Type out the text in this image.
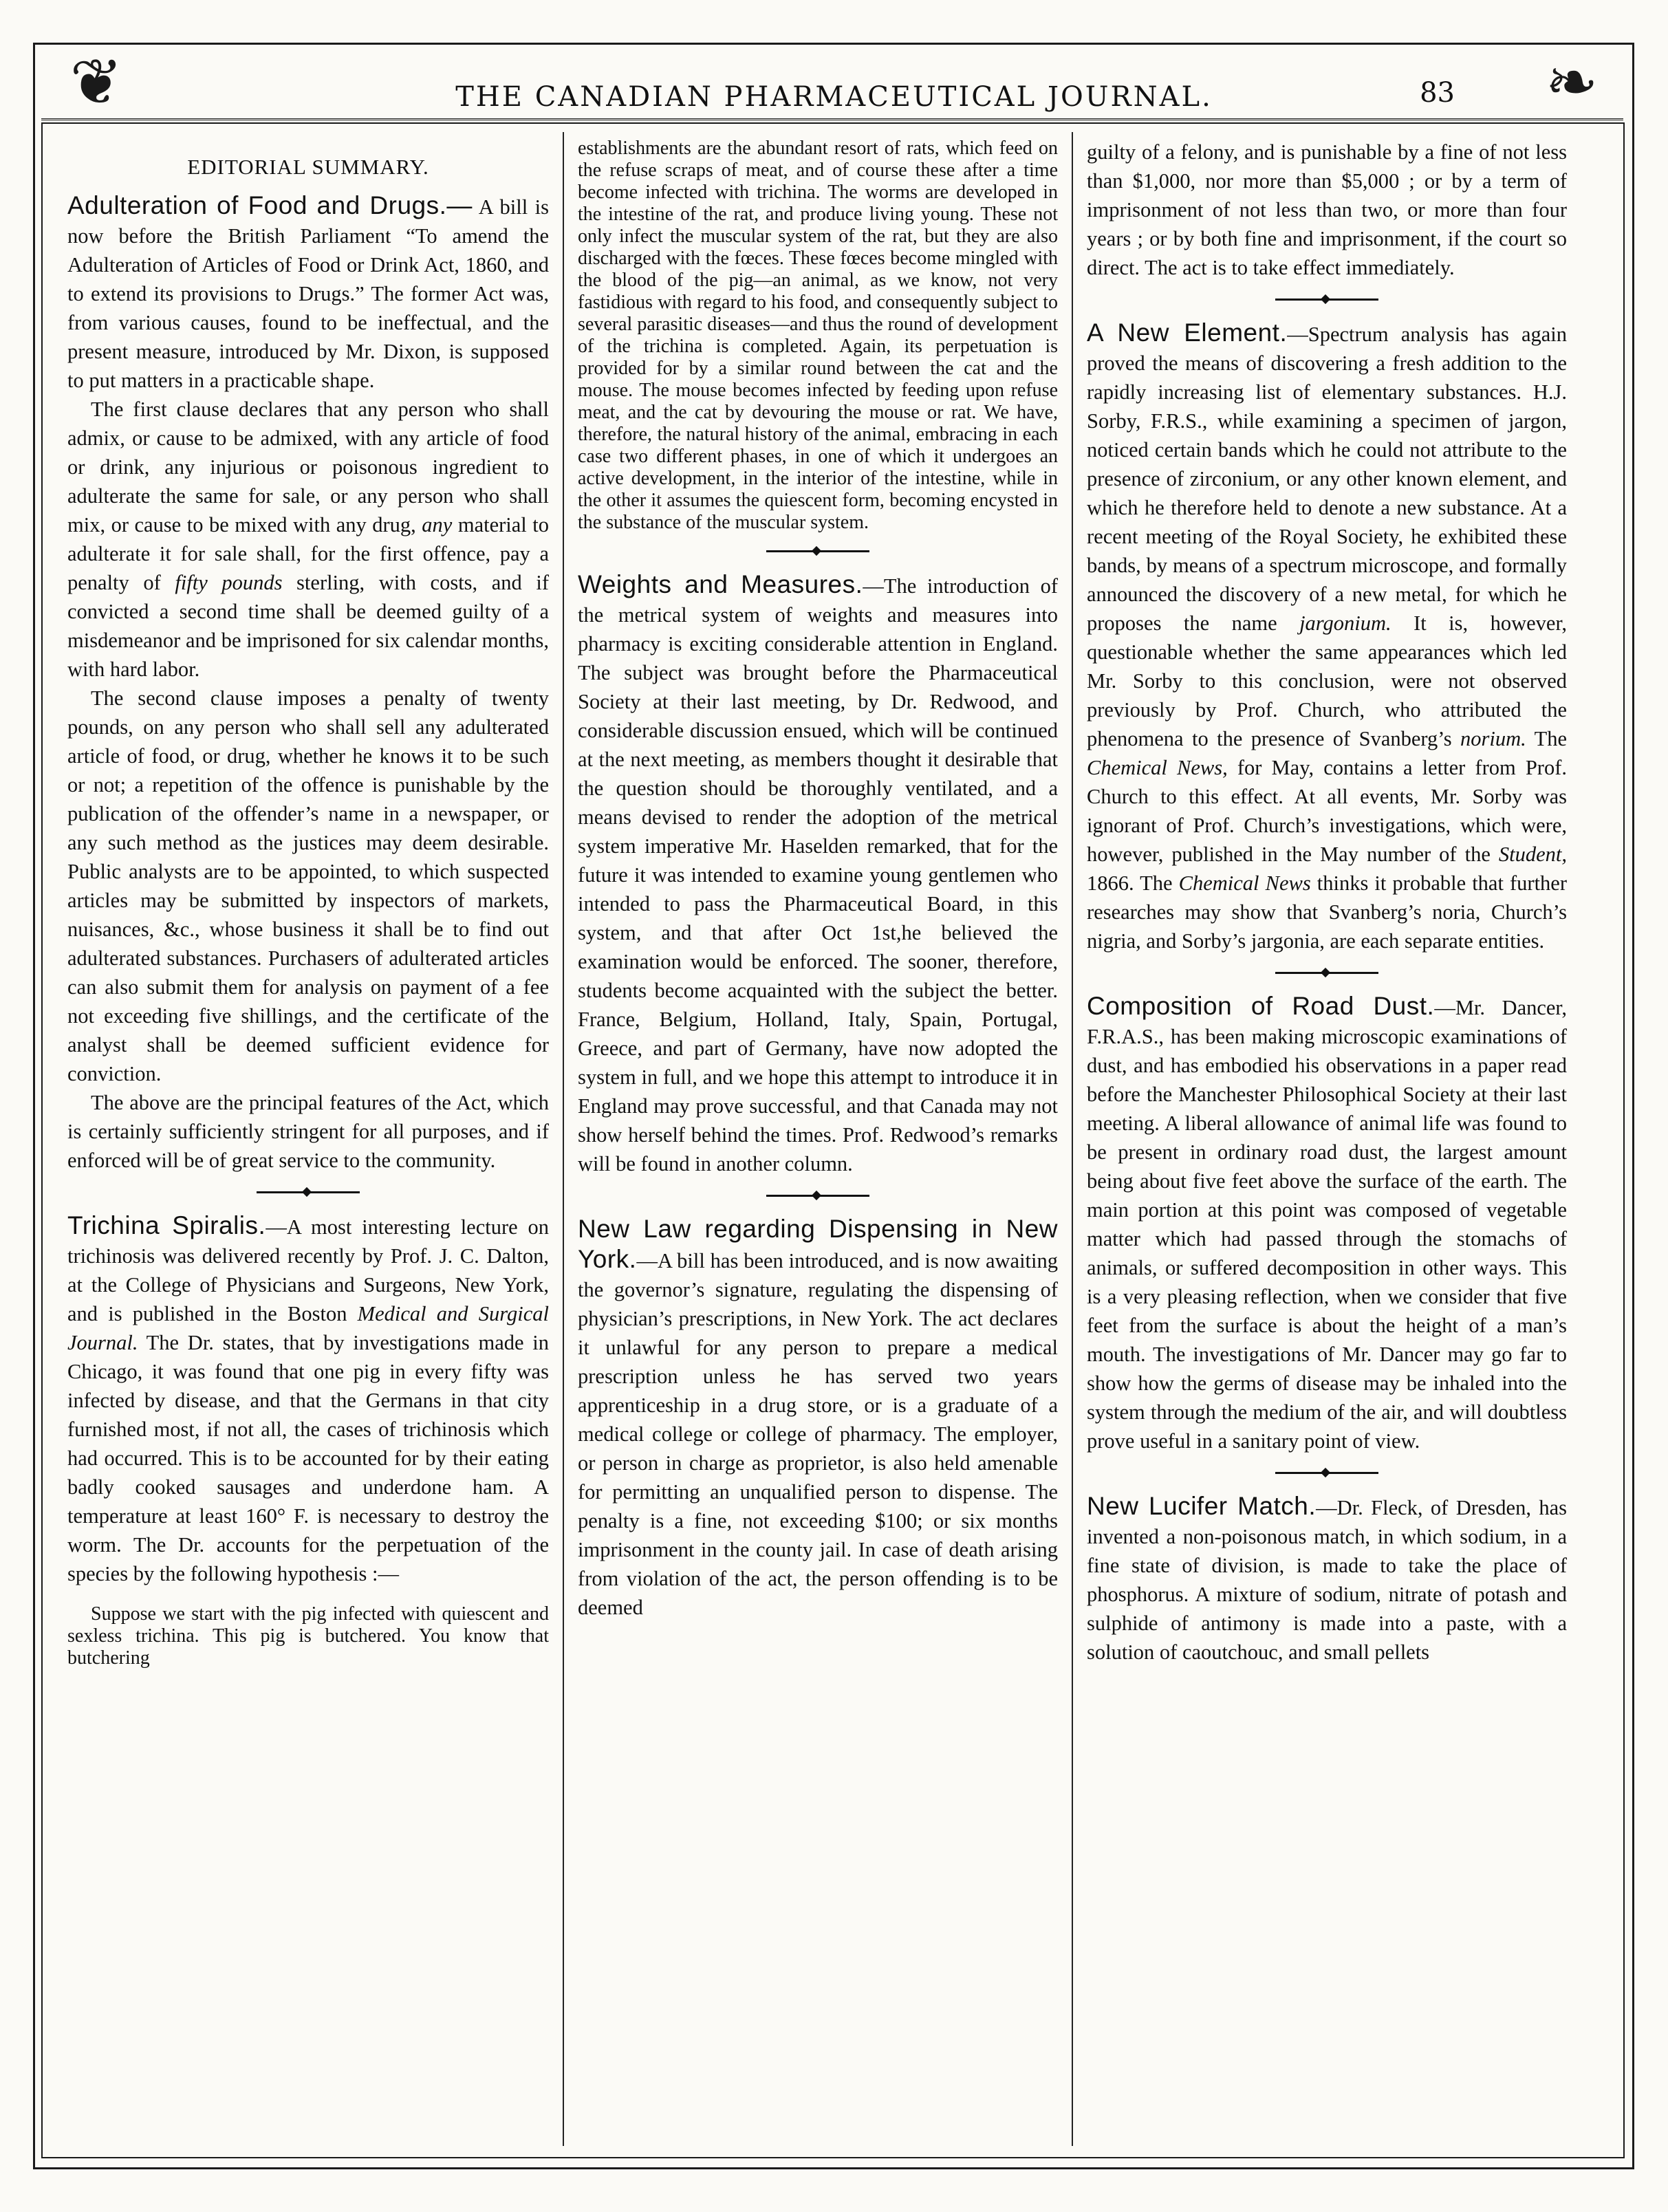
❦	❧
THE CANADIAN PHARMACEUTICAL JOURNAL.	83
EDITORIAL SUMMARY.

Adulteration of Food and Drugs.— A bill is now before the British Parliament “To amend the Adulteration of Articles of Food or Drink Act, 1860, and to extend its provisions to Drugs.” The former Act was, from various causes, found to be ineffectual, and the present measure, introduced by Mr. Dixon, is supposed to put matters in a practicable shape.

The first clause declares that any person who shall admix, or cause to be admixed, with any article of food or drink, any injurious or poisonous ingredient to adulterate the same for sale, or any person who shall mix, or cause to be mixed with any drug, any material to adulterate it for sale shall, for the first offence, pay a penalty of fifty pounds sterling, with costs, and if convicted a second time shall be deemed guilty of a misdemeanor and be imprisoned for six calendar months, with hard labor.

The second clause imposes a penalty of twenty pounds, on any person who shall sell any adulterated article of food, or drug, whether he knows it to be such or not; a repetition of the offence is punishable by the publication of the offender’s name in a newspaper, or any such method as the justices may deem desirable. Public analysts are to be appointed, to which suspected articles may be submitted by inspectors of markets, nuisances, &c., whose business it shall be to find out adulterated substances. Purchasers of adulterated articles can also submit them for analysis on payment of a fee not exceeding five shillings, and the certificate of the analyst shall be deemed sufficient evidence for conviction.

The above are the principal features of the Act, which is certainly sufficiently stringent for all purposes, and if enforced will be of great service to the community.

Trichina Spiralis.—A most interesting lecture on trichinosis was delivered recently by Prof. J. C. Dalton, at the College of Physicians and Surgeons, New York, and is published in the Boston Medical and Surgical Journal. The Dr. states, that by investigations made in Chicago, it was found that one pig in every fifty was infected by disease, and that the Germans in that city furnished most, if not all, the cases of trichinosis which had occurred. This is to be accounted for by their eating badly cooked sausages and underdone ham. A temperature at least 160° F. is necessary to destroy the worm. The Dr. accounts for the perpetuation of the species by the following hypothesis :—

Suppose we start with the pig infected with quiescent and sexless trichina. This pig is butchered. You know that butchering

establishments are the abundant resort of rats, which feed on the refuse scraps of meat, and of course these after a time become infected with trichina. The worms are developed in the intestine of the rat, and produce living young. These not only infect the muscular system of the rat, but they are also discharged with the fœces. These fœces become mingled with the blood of the pig—an animal, as we know, not very fastidious with regard to his food, and consequently subject to several parasitic diseases—and thus the round of development of the trichina is completed. Again, its perpetuation is provided for by a similar round between the cat and the mouse. The mouse becomes infected by feeding upon refuse meat, and the cat by devouring the mouse or rat. We have, therefore, the natural history of the animal, embracing in each case two different phases, in one of which it undergoes an active development, in the interior of the intestine, while in the other it assumes the quiescent form, becoming encysted in the substance of the muscular system.

Weights and Measures.—The introduction of the metrical system of weights and measures into pharmacy is exciting considerable attention in England. The subject was brought before the Pharmaceutical Society at their last meeting, by Dr. Redwood, and considerable discussion ensued, which will be continued at the next meeting, as members thought it desirable that the question should be thoroughly ventilated, and a means devised to render the adoption of the metrical system imperative Mr. Haselden remarked, that for the future it was intended to examine young gentlemen who intended to pass the Pharmaceutical Board, in this system, and that after Oct 1st,he believed the examination would be enforced. The sooner, therefore, students become acquainted with the subject the better. France, Belgium, Holland, Italy, Spain, Portugal, Greece, and part of Germany, have now adopted the system in full, and we hope this attempt to introduce it in England may prove successful, and that Canada may not show herself behind the times. Prof. Redwood’s remarks will be found in another column.

New Law regarding Dispensing in New York.—A bill has been introduced, and is now awaiting the governor’s signature, regulating the dispensing of physician’s prescriptions, in New York. The act declares it unlawful for any person to prepare a medical prescription unless he has served two years apprenticeship in a drug store, or is a graduate of a medical college or college of pharmacy. The employer, or person in charge as proprietor, is also held amenable for permitting an unqualified person to dispense. The penalty is a fine, not exceeding $100; or six months imprisonment in the county jail. In case of death arising from violation of the act, the person offending is to be deemed

guilty of a felony, and is punishable by a fine of not less than $1,000, nor more than $5,000 ; or by a term of imprisonment of not less than two, or more than four years ; or by both fine and imprisonment, if the court so direct. The act is to take effect immediately.

A New Element.—Spectrum analysis has again proved the means of discovering a fresh addition to the rapidly increasing list of elementary substances. H.J. Sorby, F.R.S., while examining a specimen of jargon, noticed certain bands which he could not attribute to the presence of zirconium, or any other known element, and which he therefore held to denote a new substance. At a recent meeting of the Royal Society, he exhibited these bands, by means of a spectrum microscope, and formally announced the discovery of a new metal, for which he proposes the name jargonium. It is, however, questionable whether the same appearances which led Mr. Sorby to this conclusion, were not observed previously by Prof. Church, who attributed the phenomena to the presence of Svanberg’s norium. The Chemical News, for May, contains a letter from Prof. Church to this effect. At all events, Mr. Sorby was ignorant of Prof. Church’s investigations, which were, however, published in the May number of the Student, 1866. The Chemical News thinks it probable that further researches may show that Svanberg’s noria, Church’s nigria, and Sorby’s jargonia, are each separate entities.

Composition of Road Dust.—Mr. Dancer, F.R.A.S., has been making microscopic examinations of dust, and has embodied his observations in a paper read before the Manchester Philosophical Society at their last meeting. A liberal allowance of animal life was found to be present in ordinary road dust, the largest amount being about five feet above the surface of the earth. The main portion at this point was composed of vegetable matter which had passed through the stomachs of animals, or suffered decomposition in other ways. This is a very pleasing reflection, when we consider that five feet from the surface is about the height of a man’s mouth. The investigations of Mr. Dancer may go far to show how the germs of disease may be inhaled into the system through the medium of the air, and will doubtless prove useful in a sanitary point of view.

New Lucifer Match.—Dr. Fleck, of Dresden, has invented a non-poisonous match, in which sodium, in a fine state of division, is made to take the place of phosphorus. A mixture of sodium, nitrate of potash and sulphide of antimony is made into a paste, with a solution of caoutchouc, and small pellets
